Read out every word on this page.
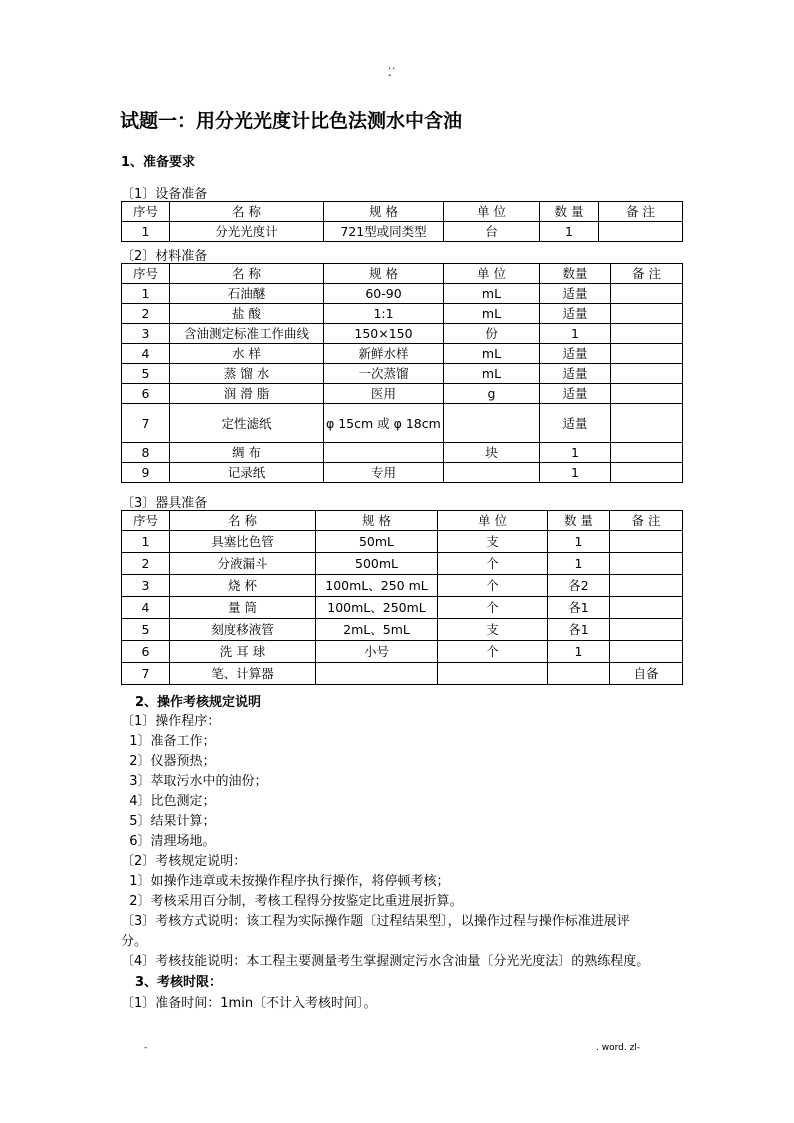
..
-
试题一：用分光光度计比色法测水中含油
1、准备要求
〔1〕设备准备
序号	名 称	规 格	单 位	数 量	备 注
1	分光光度计	721型或同类型	台	1	
〔2〕材料准备
序号	名 称	规 格	单 位	数量	备 注
1	石油醚	60-90	mL	适量	
2	盐 酸	1:1	mL	适量	
3	含油测定标准工作曲线	150×150	份	1	
4	水 样	新鲜水样	mL	适量	
5	蒸 馏 水	一次蒸馏	mL	适量	
6	润 滑 脂	医用	g	适量	
7	定性滤纸	φ 15cm 或 φ 18cm		适量	
8	绸 布		块	1	
9	记录纸	专用		1	
〔3〕器具准备
序号	名 称	规 格	单 位	数 量	备 注
1	具塞比色管	50mL	支	1	
2	分液漏斗	500mL	个	1	
3	烧 杯	100mL、250 mL	个	各2	
4	量 筒	100mL、250mL	个	各1	
5	刻度移液管	2mL、5mL	支	各1	
6	洗 耳 球	小号	个	1	
7	笔、计算器				自备
2、操作考核规定说明
〔1〕操作程序：
1〕准备工作；
2〕仪器预热；
3〕萃取污水中的油份；
4〕比色测定；
5〕结果计算；
6〕清理场地。
〔2〕考核规定说明：
1〕如操作违章或未按操作程序执行操作，将停顿考核；
2〕考核采用百分制，考核工程得分按鉴定比重进展折算。
〔3〕考核方式说明：该工程为实际操作题〔过程结果型〕，以操作过程与操作标准进展评
分。
〔4〕考核技能说明：本工程主要测量考生掌握测定污水含油量〔分光光度法〕的熟练程度。
3、考核时限：
〔1〕准备时间：1min〔不计入考核时间〕。
-	. word. zl-
